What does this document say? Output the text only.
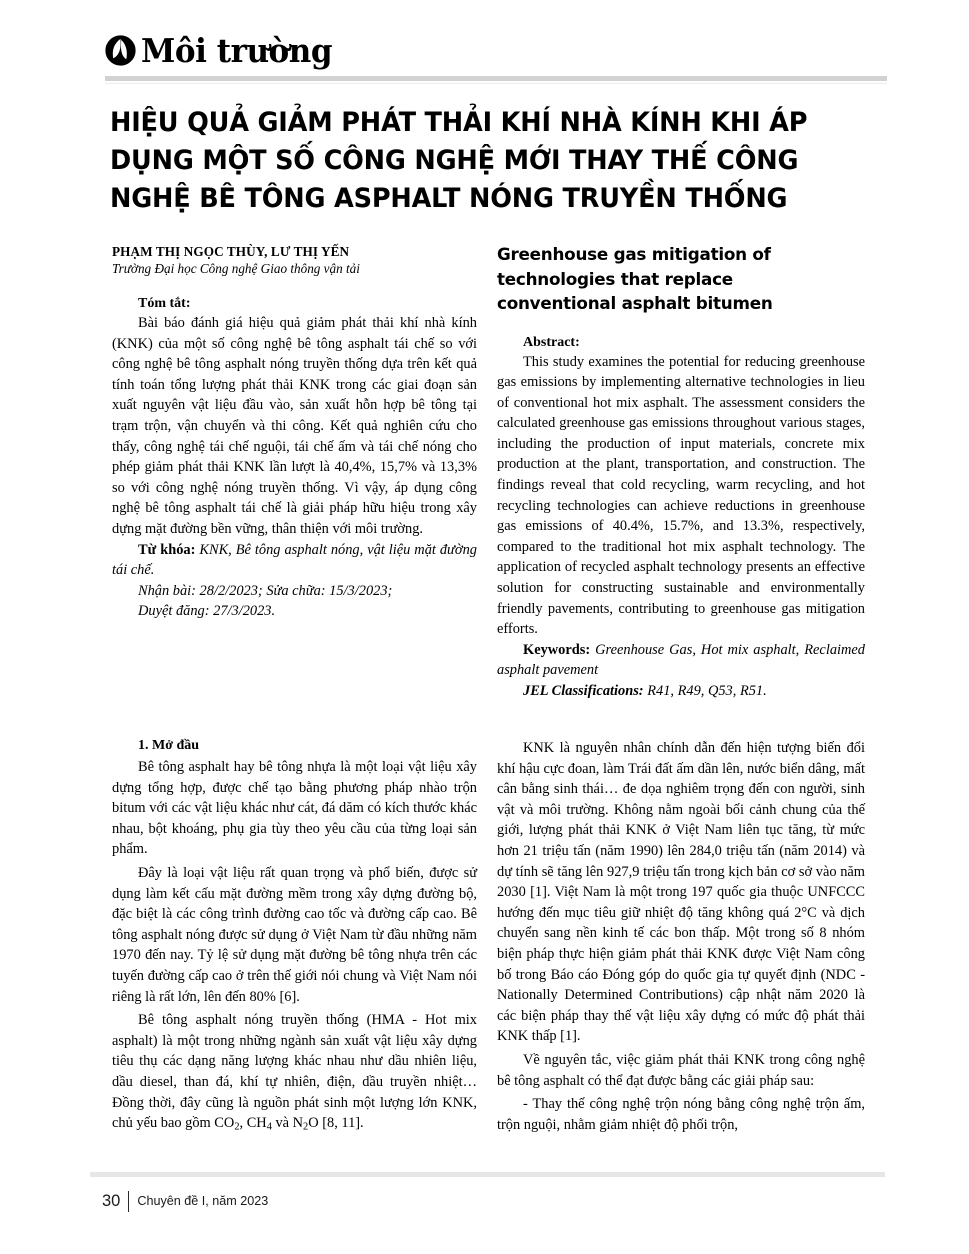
Môi trường
HIỆU QUẢ GIẢM PHÁT THẢI KHÍ NHÀ KÍNH KHI ÁP DỤNG MỘT SỐ CÔNG NGHỆ MỚI THAY THẾ CÔNG NGHỆ BÊ TÔNG ASPHALT NÓNG TRUYỀN THỐNG
PHẠM THỊ NGỌC THÙY, LƯ THỊ YẾN
Trường Đại học Công nghệ Giao thông vận tải
Tóm tắt:
Bài báo đánh giá hiệu quả giảm phát thải khí nhà kính (KNK) của một số công nghệ bê tông asphalt tái chế so với công nghệ bê tông asphalt nóng truyền thống dựa trên kết quả tính toán tổng lượng phát thải KNK trong các giai đoạn sản xuất nguyên vật liệu đầu vào, sản xuất hỗn hợp bê tông tại trạm trộn, vận chuyển và thi công. Kết quả nghiên cứu cho thấy, công nghệ tái chế nguội, tái chế ấm và tái chế nóng cho phép giảm phát thải KNK lần lượt là 40,4%, 15,7% và 13,3% so với công nghệ nóng truyền thống. Vì vậy, áp dụng công nghệ bê tông asphalt tái chế là giải pháp hữu hiệu trong xây dựng mặt đường bền vững, thân thiện với môi trường.
Từ khóa: KNK, Bê tông asphalt nóng, vật liệu mặt đường tái chế.
Nhận bài: 28/2/2023; Sửa chữa: 15/3/2023;
Duyệt đăng: 27/3/2023.
Greenhouse gas mitigation of technologies that replace conventional asphalt bitumen
Abstract:
This study examines the potential for reducing greenhouse gas emissions by implementing alternative technologies in lieu of conventional hot mix asphalt. The assessment considers the calculated greenhouse gas emissions throughout various stages, including the production of input materials, concrete mix production at the plant, transportation, and construction. The findings reveal that cold recycling, warm recycling, and hot recycling technologies can achieve reductions in greenhouse gas emissions of 40.4%, 15.7%, and 13.3%, respectively, compared to the traditional hot mix asphalt technology. The application of recycled asphalt technology presents an effective solution for constructing sustainable and environmentally friendly pavements, contributing to greenhouse gas mitigation efforts.
Keywords: Greenhouse Gas, Hot mix asphalt, Reclaimed asphalt pavement
JEL Classifications: R41, R49, Q53, R51.
1. Mở đầu

Bê tông asphalt hay bê tông nhựa là một loại vật liệu xây dựng tổng hợp, được chế tạo bằng phương pháp nhào trộn bitum với các vật liệu khác như cát, đá dăm có kích thước khác nhau, bột khoáng, phụ gia tùy theo yêu cầu của từng loại sản phẩm.

Đây là loại vật liệu rất quan trọng và phổ biến, được sử dụng làm kết cấu mặt đường mềm trong xây dựng đường bộ, đặc biệt là các công trình đường cao tốc và đường cấp cao. Bê tông asphalt nóng được sử dụng ở Việt Nam từ đầu những năm 1970 đến nay. Tỷ lệ sử dụng mặt đường bê tông nhựa trên các tuyến đường cấp cao ở trên thế giới nói chung và Việt Nam nói riêng là rất lớn, lên đến 80% [6].

Bê tông asphalt nóng truyền thống (HMA - Hot mix asphalt) là một trong những ngành sản xuất vật liệu xây dựng tiêu thụ các dạng năng lượng khác nhau như dầu nhiên liệu, dầu diesel, than đá, khí tự nhiên, điện, dầu truyền nhiệt… Đồng thời, đây cũng là nguồn phát sinh một lượng lớn KNK, chủ yếu bao gồm $CO_2$, $CH_4$ và $N_2O$ [8, 11].

KNK là nguyên nhân chính dẫn đến hiện tượng biến đổi khí hậu cực đoan, làm Trái đất ấm dần lên, nước biển dâng, mất cân bằng sinh thái… đe dọa nghiêm trọng đến con người, sinh vật và môi trường. Không nằm ngoài bối cảnh chung của thế giới, lượng phát thải KNK ở Việt Nam liên tục tăng, từ mức hơn 21 triệu tấn (năm 1990) lên 284,0 triệu tấn (năm 2014) và dự tính sẽ tăng lên 927,9 triệu tấn trong kịch bản cơ sở vào năm 2030 [1]. Việt Nam là một trong 197 quốc gia thuộc UNFCCC hướng đến mục tiêu giữ nhiệt độ tăng không quá 2°C và dịch chuyển sang nền kinh tế các bon thấp. Một trong số 8 nhóm biện pháp thực hiện giảm phát thải KNK được Việt Nam công bố trong Báo cáo Đóng góp do quốc gia tự quyết định (NDC - Nationally Determined Contributions) cập nhật năm 2020 là các biện pháp thay thế vật liệu xây dựng có mức độ phát thải KNK thấp [1].

Về nguyên tắc, việc giảm phát thải KNK trong công nghệ bê tông asphalt có thể đạt được bằng các giải pháp sau:

- Thay thế công nghệ trộn nóng bằng công nghệ trộn ấm, trộn nguội, nhằm giảm nhiệt độ phối trộn,

30	Chuyên đề I, năm 2023
